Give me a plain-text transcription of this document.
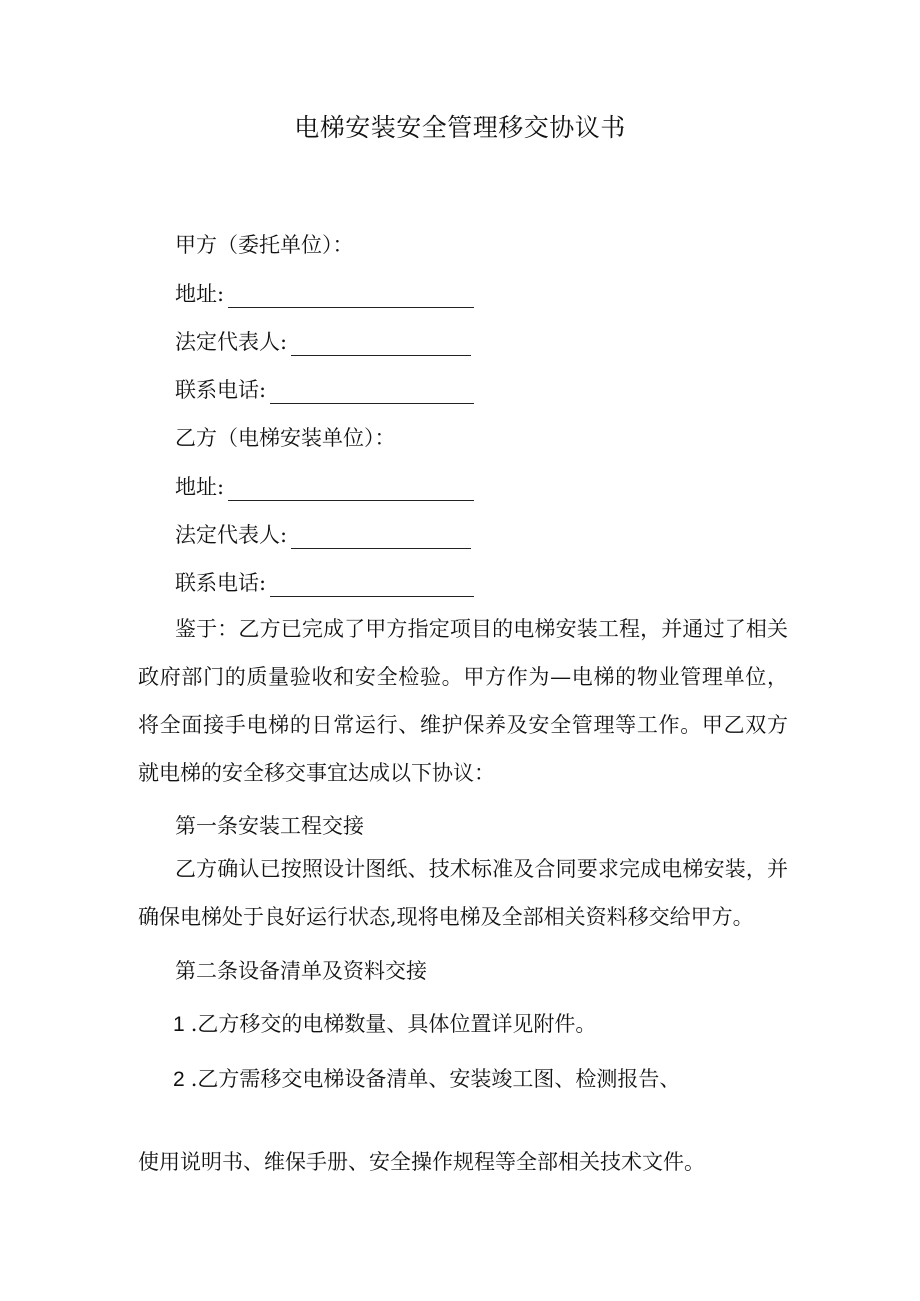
电梯安装安全管理移交协议书
甲方（委托单位）：
地址:
法定代表人:
联系电话:
乙方（电梯安装单位）：
地址:
法定代表人:
联系电话:
鉴于：乙方已完成了甲方指定项目的电梯安装工程，并通过了相关政府部门的质量验收和安全检验。甲方作为—电梯的物业管理单位，将全面接手电梯的日常运行、维护保养及安全管理等工作。甲乙双方就电梯的安全移交事宜达成以下协议：
第一条安装工程交接
乙方确认已按照设计图纸、技术标准及合同要求完成电梯安装，并确保电梯处于良好运行状态,现将电梯及全部相关资料移交给甲方。
第二条设备清单及资料交接
1 .乙方移交的电梯数量、具体位置详见附件。
2 .乙方需移交电梯设备清单、安装竣工图、检测报告、
使用说明书、维保手册、安全操作规程等全部相关技术文件。
